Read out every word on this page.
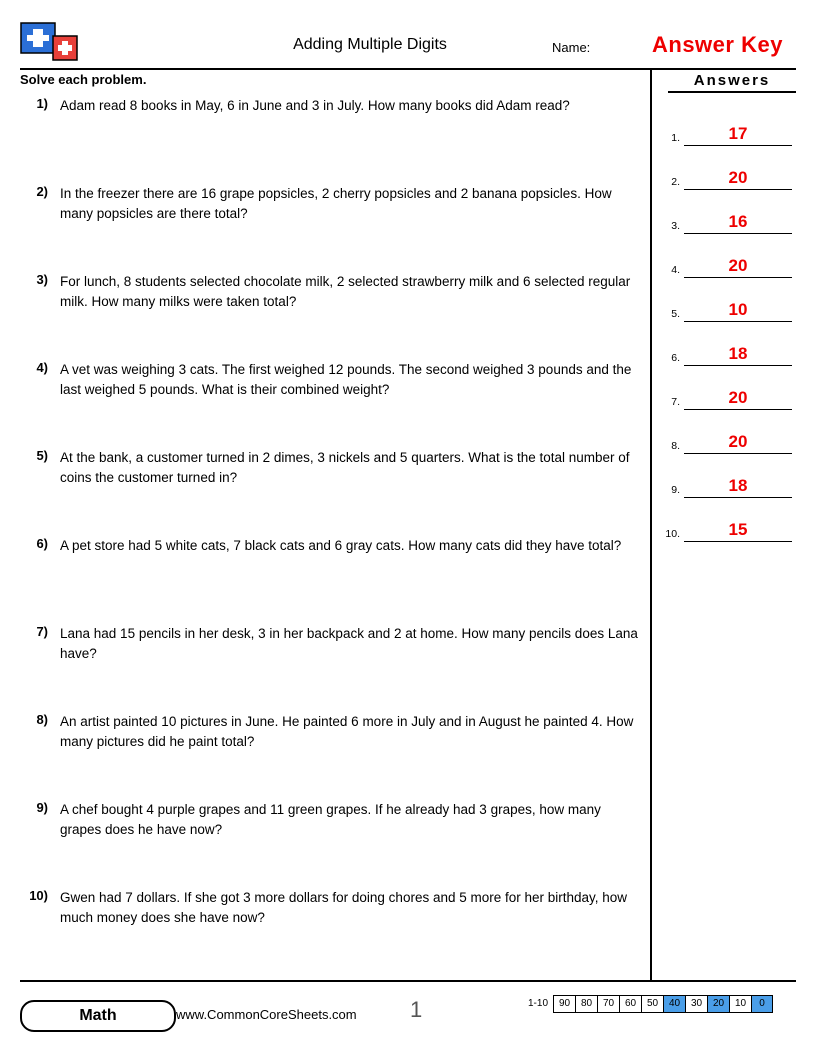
Adding Multiple Digits	Name:	Answer Key
Solve each problem.
1) Adam read 8 books in May, 6 in June and 3 in July. How many books did Adam read?
2) In the freezer there are 16 grape popsicles, 2 cherry popsicles and 2 banana popsicles. How many popsicles are there total?
3) For lunch, 8 students selected chocolate milk, 2 selected strawberry milk and 6 selected regular milk. How many milks were taken total?
4) A vet was weighing 3 cats. The first weighed 12 pounds. The second weighed 3 pounds and the last weighed 5 pounds. What is their combined weight?
5) At the bank, a customer turned in 2 dimes, 3 nickels and 5 quarters. What is the total number of coins the customer turned in?
6) A pet store had 5 white cats, 7 black cats and 6 gray cats. How many cats did they have total?
7) Lana had 15 pencils in her desk, 3 in her backpack and 2 at home. How many pencils does Lana have?
8) An artist painted 10 pictures in June. He painted 6 more in July and in August he painted 4. How many pictures did he paint total?
9) A chef bought 4 purple grapes and 11 green grapes. If he already had 3 grapes, how many grapes does he have now?
10) Gwen had 7 dollars. If she got 3 more dollars for doing chores and 5 more for her birthday, how much money does she have now?
Answers
1.	17
2.	20
3.	16
4.	20
5.	10
6.	18
7.	20
8.	20
9.	18
10.	15
Math	www.CommonCoreSheets.com 1	1-10	90	80	70	60	50	40	30	20	10	0
